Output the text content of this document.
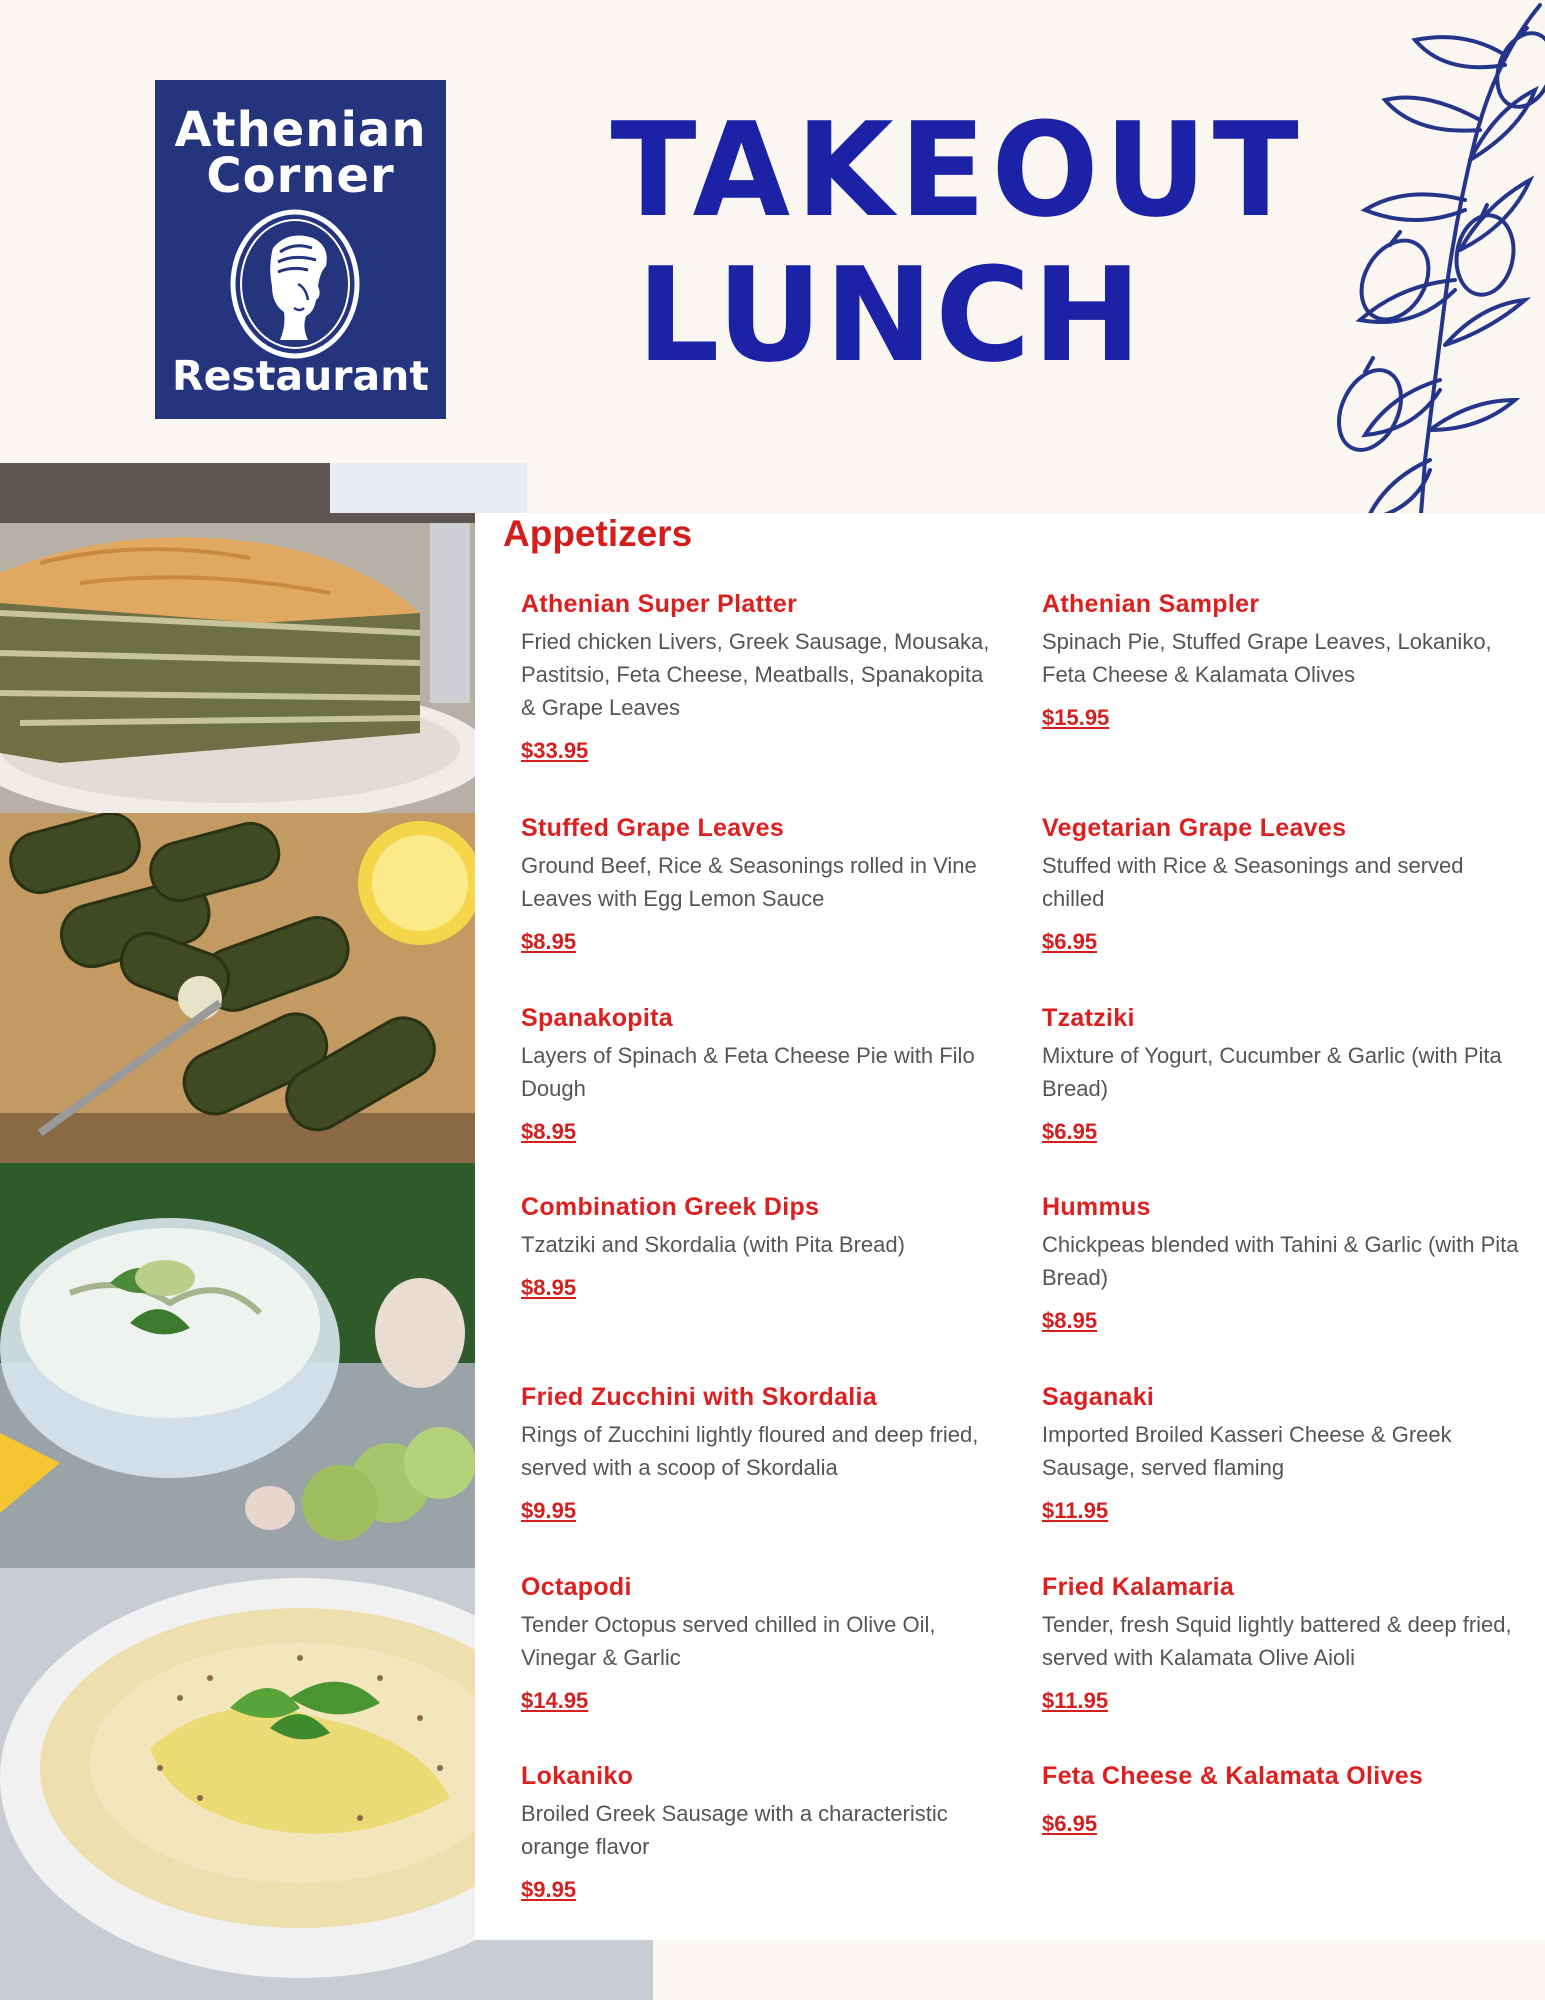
Athenian
Corner
Restaurant
TAKEOUT
LUNCH
Appetizers
Athenian Super Platter

Fried chicken Livers, Greek Sausage, Mousaka, Pastitsio, Feta Cheese, Meatballs, Spanakopita & Grape Leaves

$33.95
Athenian Sampler

Spinach Pie, Stuffed Grape Leaves, Lokaniko, Feta Cheese & Kalamata Olives

$15.95
Stuffed Grape Leaves

Ground Beef, Rice & Seasonings rolled in Vine Leaves with Egg Lemon Sauce

$8.95
Vegetarian Grape Leaves

Stuffed with Rice & Seasonings and served chilled

$6.95
Spanakopita

Layers of Spinach & Feta Cheese Pie with Filo Dough

$8.95
Tzatziki

Mixture of Yogurt, Cucumber & Garlic (with Pita Bread)

$6.95
Combination Greek Dips

Tzatziki and Skordalia (with Pita Bread)

$8.95
Hummus

Chickpeas blended with Tahini & Garlic (with Pita Bread)

$8.95
Fried Zucchini with Skordalia

Rings of Zucchini lightly floured and deep fried, served with a scoop of Skordalia

$9.95
Saganaki

Imported Broiled Kasseri Cheese & Greek Sausage, served flaming

$11.95
Octapodi

Tender Octopus served chilled in Olive Oil, Vinegar & Garlic

$14.95
Fried Kalamaria

Tender, fresh Squid lightly battered & deep fried, served with Kalamata Olive Aioli

$11.95
Lokaniko

Broiled Greek Sausage with a characteristic orange flavor

$9.95
Feta Cheese & Kalamata Olives

$6.95
